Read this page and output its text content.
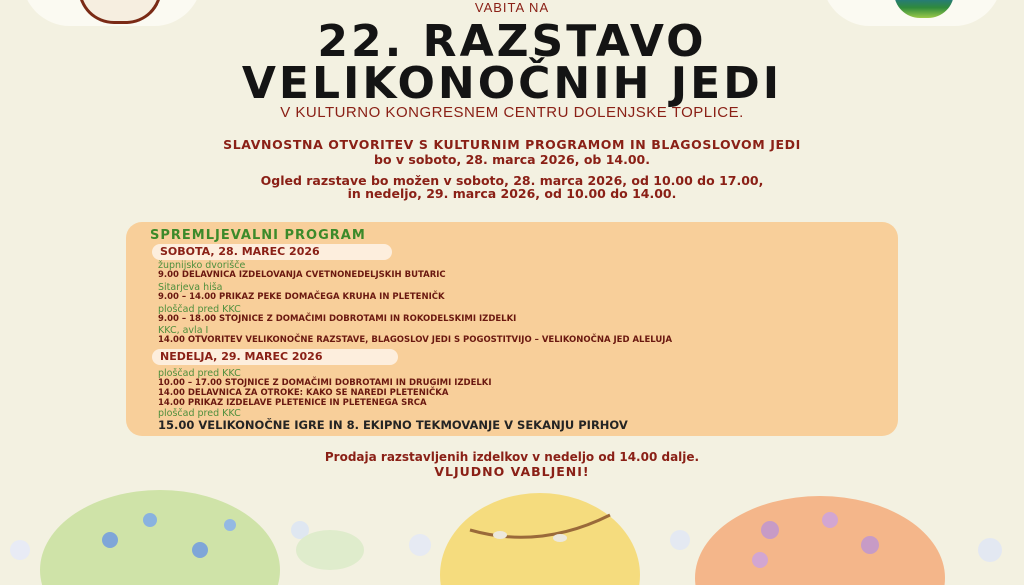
VABITA NA
22. RAZSTAVO
VELIKONOČNIH JEDI
V KULTURNO KONGRESNEM CENTRU DOLENJSKE TOPLICE.
SLAVNOSTNA OTVORITEV S KULTURNIM PROGRAMOM IN BLAGOSLOVOM JEDI
bo v soboto, 28. marca 2026, ob 14.00.
Ogled razstave bo možen v soboto, 28. marca 2026, od 10.00 do 17.00,
in nedeljo, 29. marca 2026, od 10.00 do 14.00.
SPREMLJEVALNI PROGRAM
SOBOTA, 28. MAREC 2026
župnijsko dvorišče
9.00 DELAVNICA IZDELOVANJA CVETNONEDELJSKIH BUTARIC
Sitarjeva hiša
9.00 – 14.00 PRIKAZ PEKE DOMAČEGA KRUHA IN PLETENIČK
ploščad pred KKC
9.00 – 18.00 STOJNICE Z DOMAČIMI DOBROTAMI IN ROKODELSKIMI IZDELKI
KKC, avla I
14.00 OTVORITEV VELIKONOČNE RAZSTAVE, BLAGOSLOV JEDI S POGOSTITVIJO – VELIKONOČNA JED ALELUJA
NEDELJA, 29. MAREC 2026
ploščad pred KKC
10.00 – 17.00 STOJNICE Z DOMAČIMI DOBROTAMI IN DRUGIMI IZDELKI
14.00 DELAVNICA ZA OTROKE: KAKO SE NAREDI PLETENIČKA
14.00 PRIKAZ IZDELAVE PLETENICE IN PLETENEGA SRCA
ploščad pred KKC
15.00 VELIKONOČNE IGRE IN 8. EKIPNO TEKMOVANJE V SEKANJU PIRHOV
Prodaja razstavljenih izdelkov v nedeljo od 14.00 dalje.
VLJUDNO VABLJENI!
